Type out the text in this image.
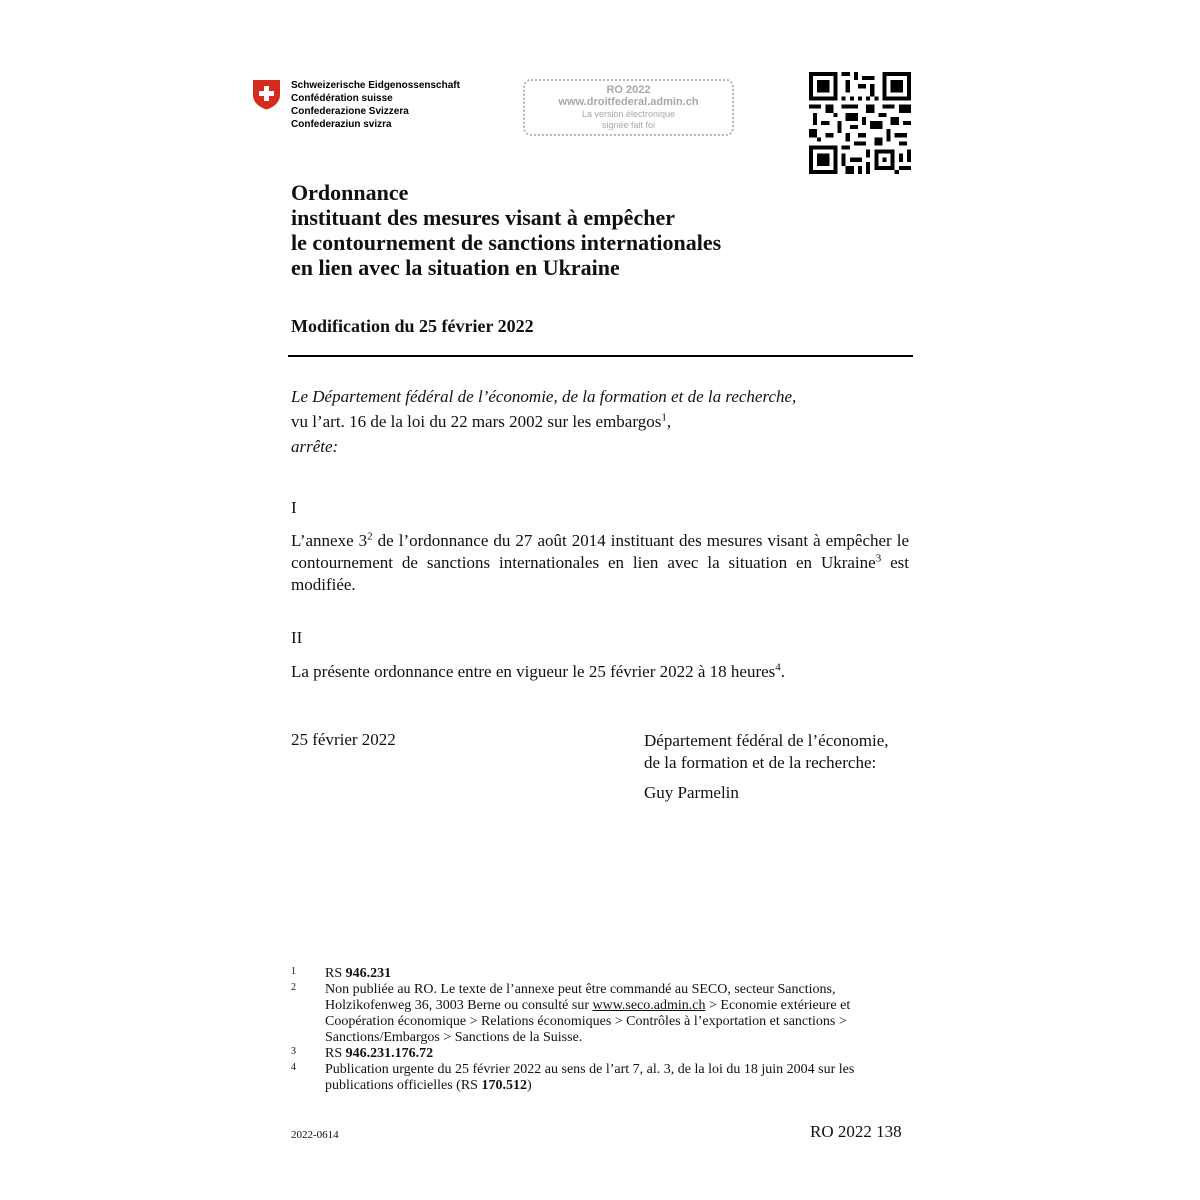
Schweizerische Eidgenossenschaft
Confédération suisse
Confederazione Svizzera
Confederaziun svizra
RO 2022
www.droitfederal.admin.ch
La version électronique
signée fait foi
Ordonnance
instituant des mesures visant à empêcher
le contournement de sanctions internationales
en lien avec la situation en Ukraine
Modification du 25 février 2022
Le Département fédéral de l’économie, de la formation et de la recherche,
vu l’art. 16 de la loi du 22 mars 2002 sur les embargos$^1$,
arrête:
I
L’annexe $3^2$ de l’ordonnance du 27 août 2014 instituant des mesures visant à empêcher le contournement de sanctions internationales en lien avec la situation en Ukraine$^3$ est modifiée.
II
La présente ordonnance entre en vigueur le 25 février 2022 à 18 heures$^4$.
25 février 2022	Département fédéral de l’économie,
de la formation et de la recherche:
Guy Parmelin
1 RS 946.231
2 Non publiée au RO. Le texte de l’annexe peut être commandé au SECO, secteur Sanctions, Holzikofenweg 36, 3003 Berne ou consulté sur www.seco.admin.ch > Economie extérieure et Coopération économique > Relations économiques > Contrôles à l’exportation et sanctions > Sanctions/Embargos > Sanctions de la Suisse.
3 RS 946.231.176.72
4 Publication urgente du 25 février 2022 au sens de l’art 7, al. 3, de la loi du 18 juin 2004 sur les publications officielles (RS 170.512)
2022-0614	RO 2022 138
